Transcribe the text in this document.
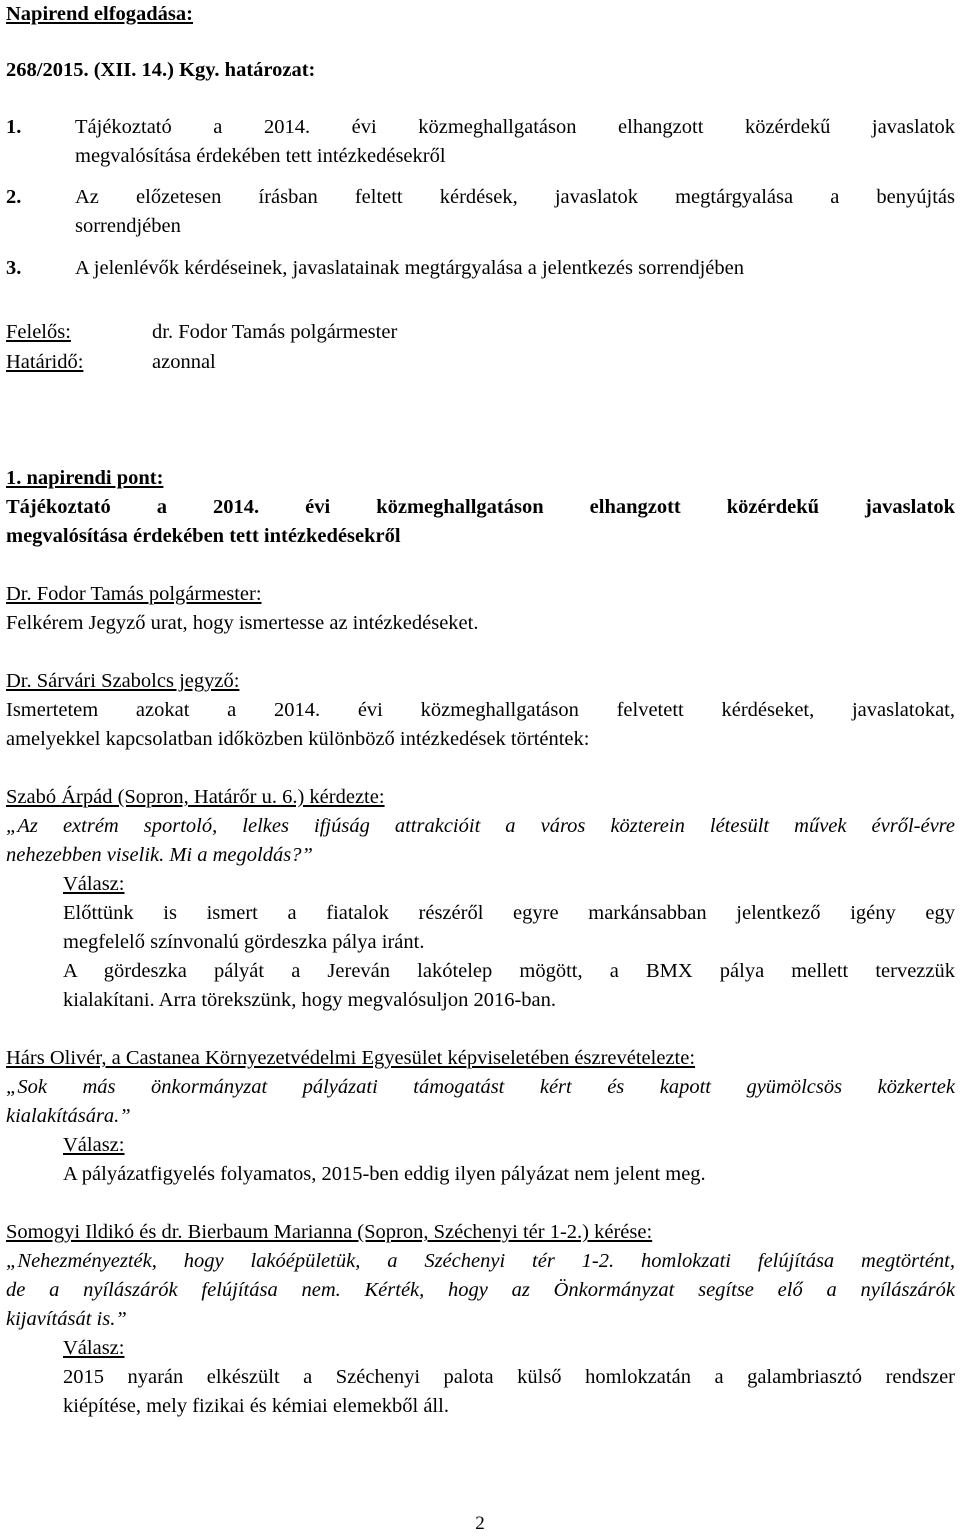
Napirend elfogadása:
268/2015. (XII. 14.) Kgy. határozat:
1.	Tájékoztató a 2014. évi közmeghallgatáson elhangzott közérdekű javaslatok
megvalósítása érdekében tett intézkedésekről
2.	Az előzetesen írásban feltett kérdések, javaslatok megtárgyalása a benyújtás
sorrendjében
3.	A jelenlévők kérdéseinek, javaslatainak megtárgyalása a jelentkezés sorrendjében
Felelős:	dr. Fodor Tamás polgármester
Határidő:	azonnal
1. napirendi pont:
Tájékoztató a 2014. évi közmeghallgatáson elhangzott közérdekű javaslatok
megvalósítása érdekében tett intézkedésekről
Dr. Fodor Tamás polgármester:
Felkérem Jegyző urat, hogy ismertesse az intézkedéseket.
Dr. Sárvári Szabolcs jegyző:
Ismertetem azokat a 2014. évi közmeghallgatáson felvetett kérdéseket, javaslatokat,
amelyekkel kapcsolatban időközben különböző intézkedések történtek:
Szabó Árpád (Sopron, Határőr u. 6.) kérdezte:
„Az extrém sportoló, lelkes ifjúság attrakcióit a város közterein létesült művek évről-évre
nehezebben viselik. Mi a megoldás?”
Válasz:
Előttünk is ismert a fiatalok részéről egyre markánsabban jelentkező igény egy
megfelelő színvonalú gördeszka pálya iránt.
A gördeszka pályát a Jereván lakótelep mögött, a BMX pálya mellett tervezzük
kialakítani. Arra törekszünk, hogy megvalósuljon 2016-ban.
Hárs Olivér, a Castanea Környezetvédelmi Egyesület képviseletében észrevételezte:
„Sok más önkormányzat pályázati támogatást kért és kapott gyümölcsös közkertek
kialakítására.”
Válasz:
A pályázatfigyelés folyamatos, 2015-ben eddig ilyen pályázat nem jelent meg.
Somogyi Ildikó és dr. Bierbaum Marianna (Sopron, Széchenyi tér 1-2.) kérése:
„Nehezményezték, hogy lakóépületük, a Széchenyi tér 1-2. homlokzati felújítása megtörtént,
de a nyílászárók felújítása nem. Kérték, hogy az Önkormányzat segítse elő a nyílászárók
kijavítását is.”
Válasz:
2015 nyarán elkészült a Széchenyi palota külső homlokzatán a galambriasztó rendszer
kiépítése, mely fizikai és kémiai elemekből áll.
2
